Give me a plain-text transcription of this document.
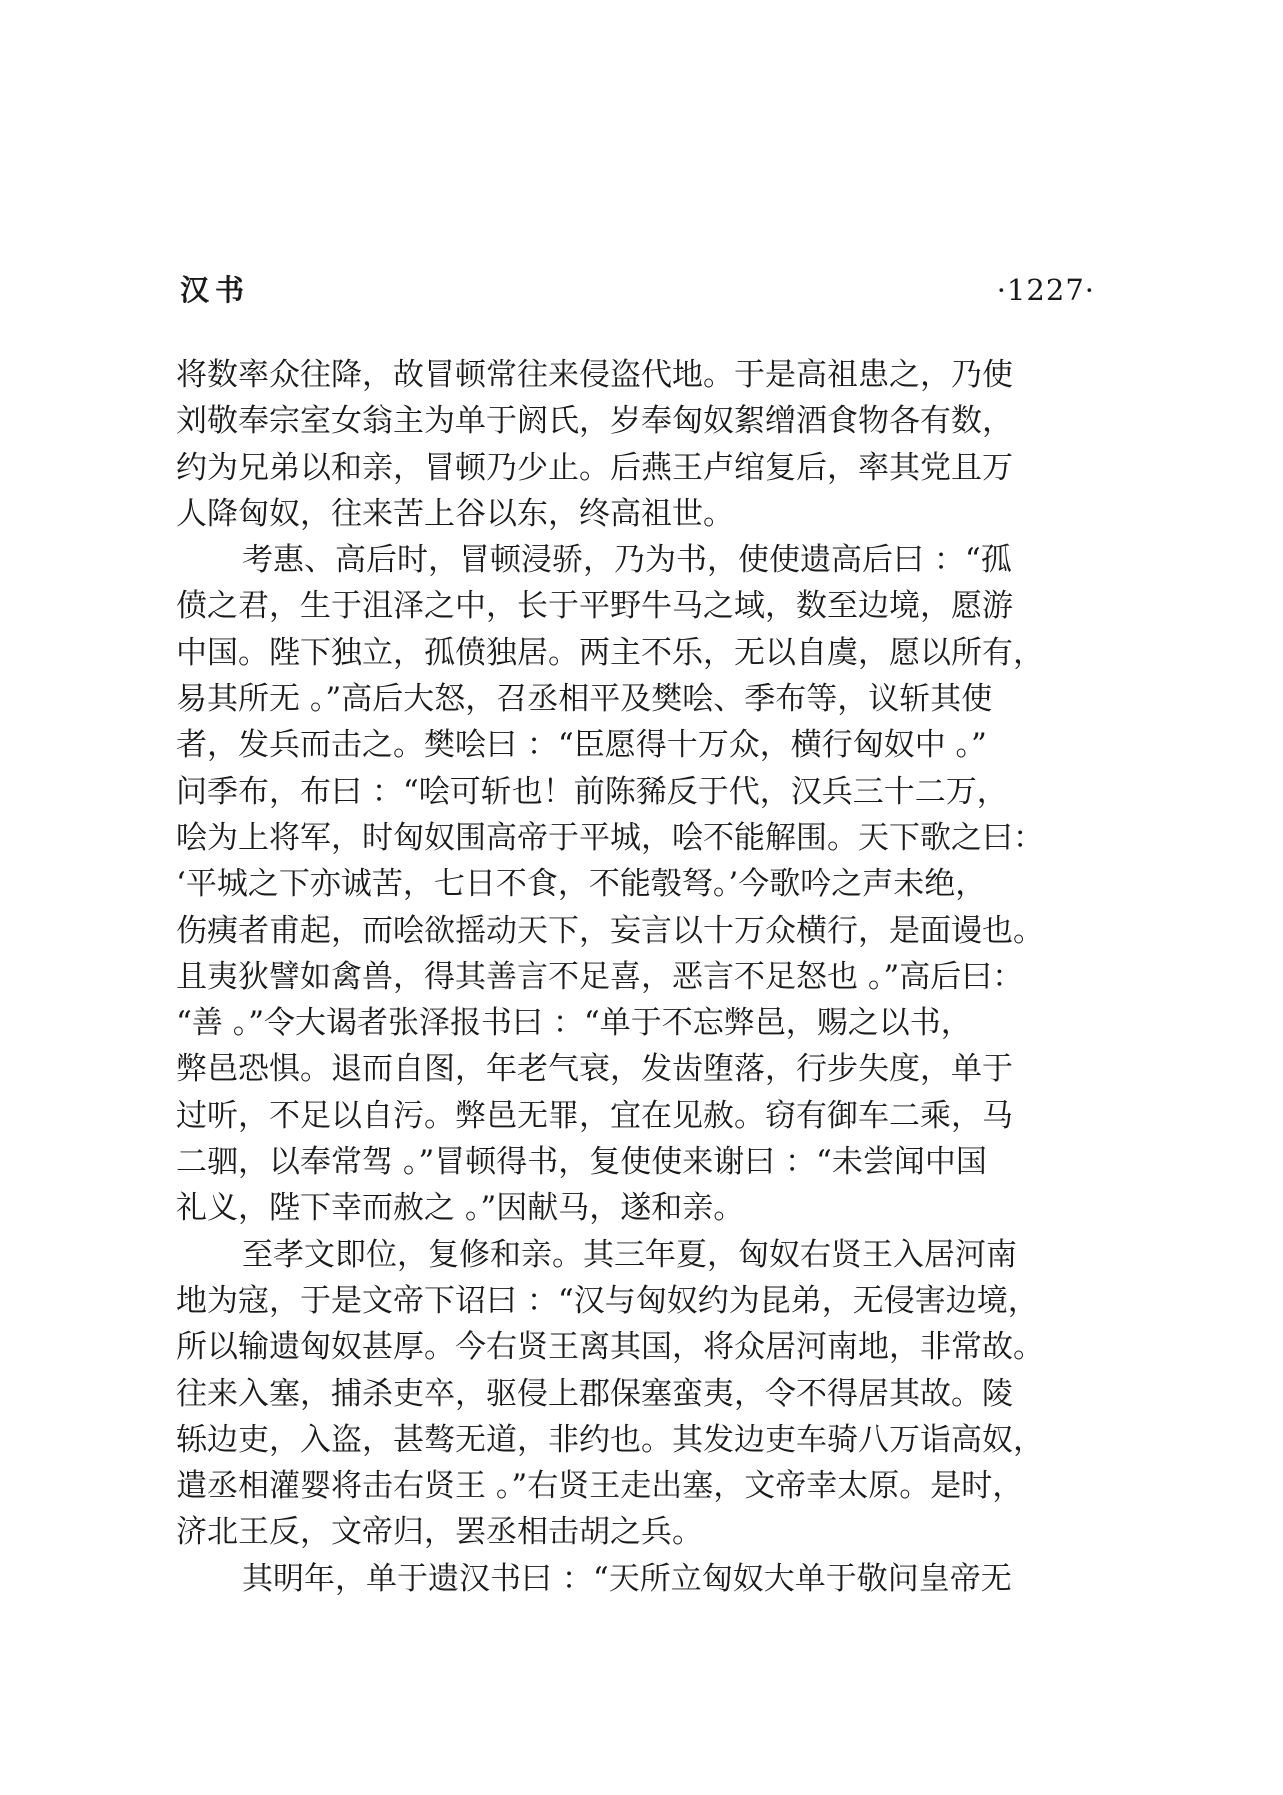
汉书	·1227·
将数率众往降，故冒顿常往来侵盗代地。于是高祖患之，乃使
刘敬奉宗室女翁主为单于阏氏，岁奉匈奴絮缯酒食物各有数，
约为兄弟以和亲，冒顿乃少止。后燕王卢绾复后，率其党且万
人降匈奴，往来苦上谷以东，终高祖世。
考惠、高后时，冒顿浸骄，乃为书，使使遗高后曰 ：“孤
偾之君，生于沮泽之中，长于平野牛马之域，数至边境，愿游
中国。陛下独立，孤偾独居。两主不乐，无以自虞，愿以所有，
易其所无 。”高后大怒，召丞相平及樊哙、季布等，议斩其使
者，发兵而击之。樊哙曰 ：“臣愿得十万众，横行匈奴中 。”
问季布，布曰 ：“哙可斩也！前陈豨反于代，汉兵三十二万，
哙为上将军，时匈奴围高帝于平城，哙不能解围。天下歌之曰：
‘平城之下亦诚苦，七日不食，不能彀弩。’今歌吟之声未绝，
伤痍者甫起，而哙欲摇动天下，妄言以十万众横行，是面谩也。
且夷狄譬如禽兽，得其善言不足喜，恶言不足怒也 。”高后曰：
“善 。”令大谒者张泽报书曰 ：“单于不忘弊邑，赐之以书，
弊邑恐惧。退而自图，年老气衰，发齿堕落，行步失度，单于
过听，不足以自污。弊邑无罪，宜在见赦。窃有御车二乘，马
二驷，以奉常驾 。”冒顿得书，复使使来谢曰 ：“未尝闻中国
礼义，陛下幸而赦之 。”因献马，遂和亲。
至孝文即位，复修和亲。其三年夏，匈奴右贤王入居河南
地为寇，于是文帝下诏曰 ：“汉与匈奴约为昆弟，无侵害边境，
所以输遗匈奴甚厚。今右贤王离其国，将众居河南地，非常故。
往来入塞，捕杀吏卒，驱侵上郡保塞蛮夷，令不得居其故。陵
轹边吏，入盗，甚骜无道，非约也。其发边吏车骑八万诣高奴，
遣丞相灌婴将击右贤王 。”右贤王走出塞，文帝幸太原。是时，
济北王反，文帝归，罢丞相击胡之兵。
其明年，单于遗汉书曰 ：“天所立匈奴大单于敬问皇帝无
